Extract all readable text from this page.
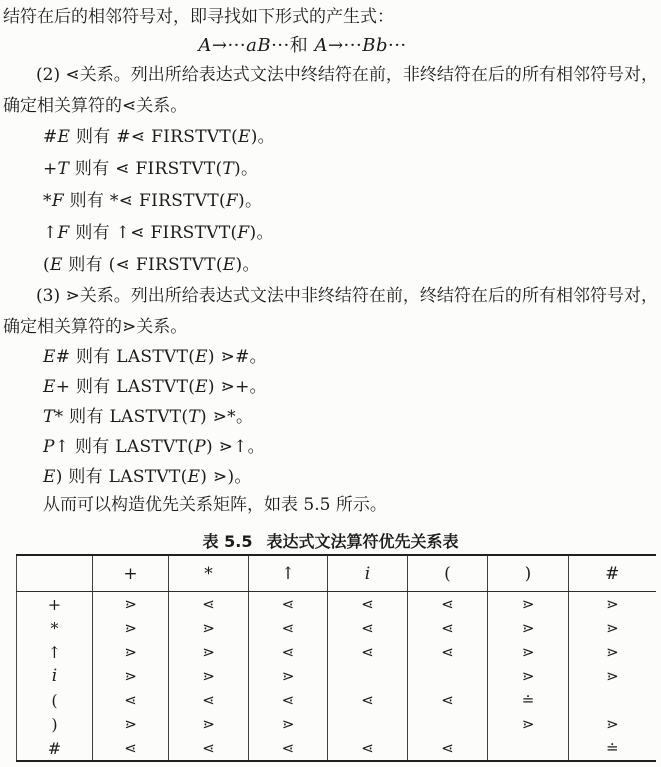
结符在后的相邻符号对，即寻找如下形式的产生式：
A→···aB···和 A→···Bb···
(2) ⋖关系。列出所给表达式文法中终结符在前，非终结符在后的所有相邻符号对，
确定相关算符的⋖关系。
#E 则有 #⋖ FIRSTVT(E)。
+T 则有 ⋖ FIRSTVT(T)。
*F 则有 *⋖ FIRSTVT(F)。
↑F 则有 ↑⋖ FIRSTVT(F)。
(E 则有 (⋖ FIRSTVT(E)。
(3) ⋗关系。列出所给表达式文法中非终结符在前，终结符在后的所有相邻符号对，
确定相关算符的⋗关系。
E# 则有 LASTVT(E) ⋗#。
E+ 则有 LASTVT(E) ⋗+。
T* 则有 LASTVT(T) ⋗*。
P↑ 则有 LASTVT(P) ⋗↑。
E) 则有 LASTVT(E) ⋗)。
从而可以构造优先关系矩阵，如表 5.5 所示。
表 5.5 表达式文法算符优先关系表
	+	*	↑	i	(	)	#
+	⋗	⋖	⋖	⋖	⋖	⋗	⋗
*	⋗	⋗	⋖	⋖	⋖	⋗	⋗
↑	⋗	⋗	⋖	⋖	⋖	⋗	⋗
i	⋗	⋗	⋗			⋗	⋗
(	⋖	⋖	⋖	⋖	⋖	≐	
)	⋗	⋗	⋗			⋗	⋗
#	⋖	⋖	⋖	⋖	⋖		≐
